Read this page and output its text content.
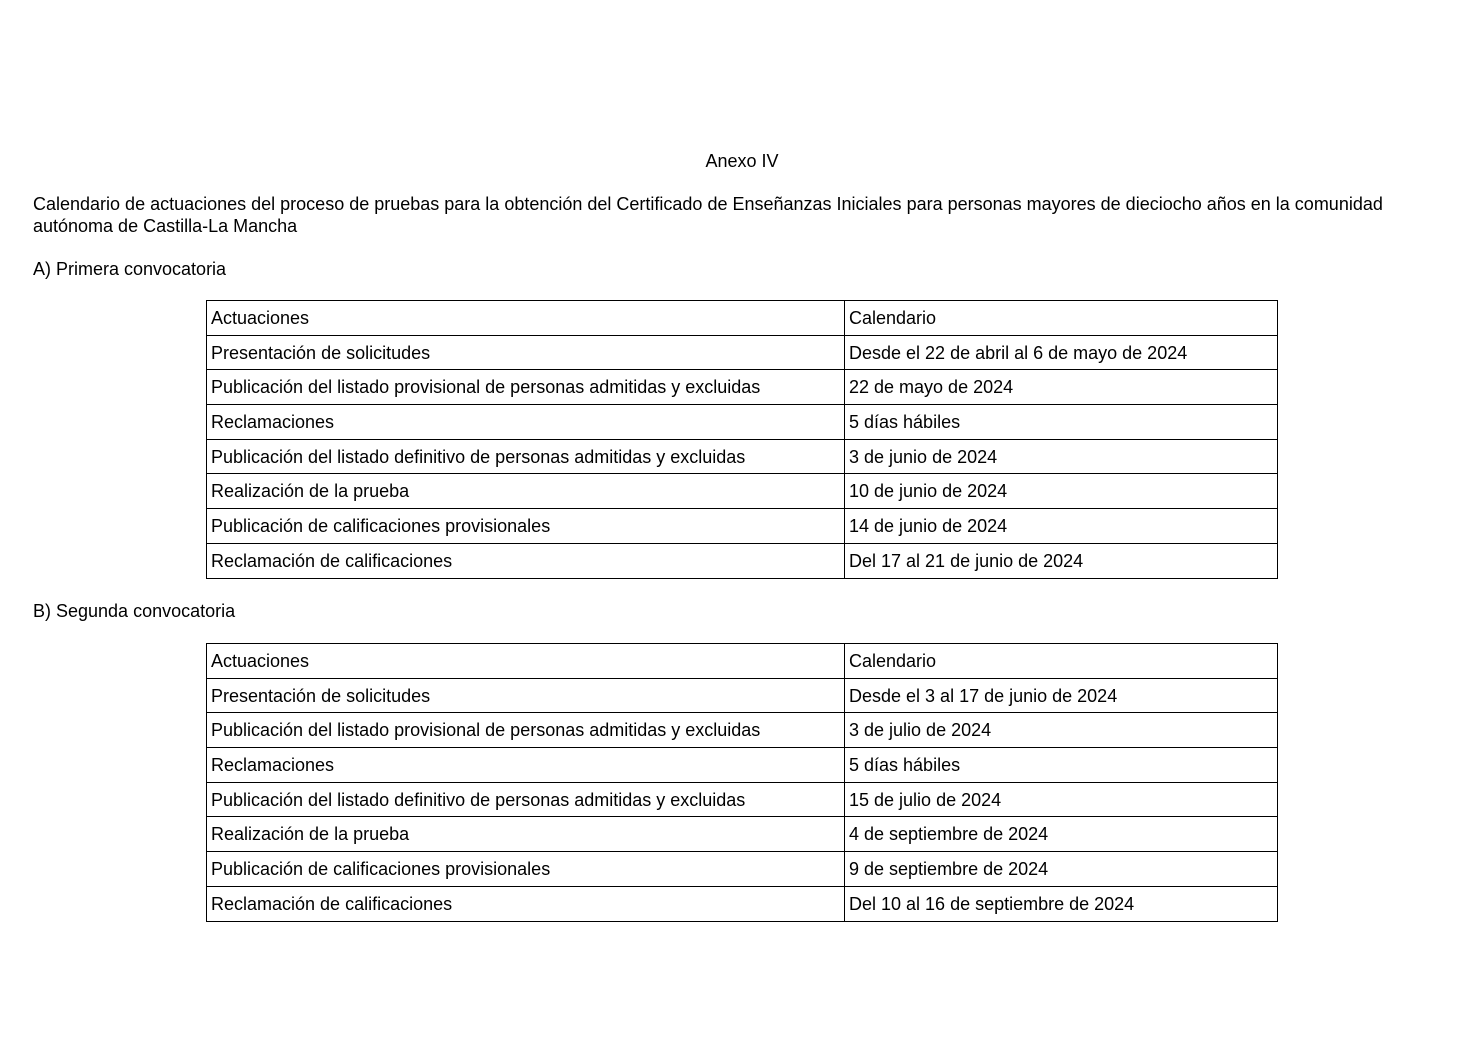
Anexo IV
Calendario de actuaciones del proceso de pruebas para la obtención del Certificado de Enseñanzas Iniciales para personas mayores de dieciocho años en la comunidad autónoma de Castilla-La Mancha
A) Primera convocatoria
Actuaciones	Calendario
Presentación de solicitudes	Desde el 22 de abril al 6 de mayo de 2024
Publicación del listado provisional de personas admitidas y excluidas	22 de mayo de 2024
Reclamaciones	5 días hábiles
Publicación del listado definitivo de personas admitidas y excluidas	3 de junio de 2024
Realización de la prueba	10 de junio de 2024
Publicación de calificaciones provisionales	14 de junio de 2024
Reclamación de calificaciones	Del 17 al 21 de junio de 2024
B) Segunda convocatoria
Actuaciones	Calendario
Presentación de solicitudes	Desde el 3 al 17 de junio de 2024
Publicación del listado provisional de personas admitidas y excluidas	3 de julio de 2024
Reclamaciones	5 días hábiles
Publicación del listado definitivo de personas admitidas y excluidas	15 de julio de 2024
Realización de la prueba	4 de septiembre de 2024
Publicación de calificaciones provisionales	9 de septiembre de 2024
Reclamación de calificaciones	Del 10 al 16 de septiembre de 2024
